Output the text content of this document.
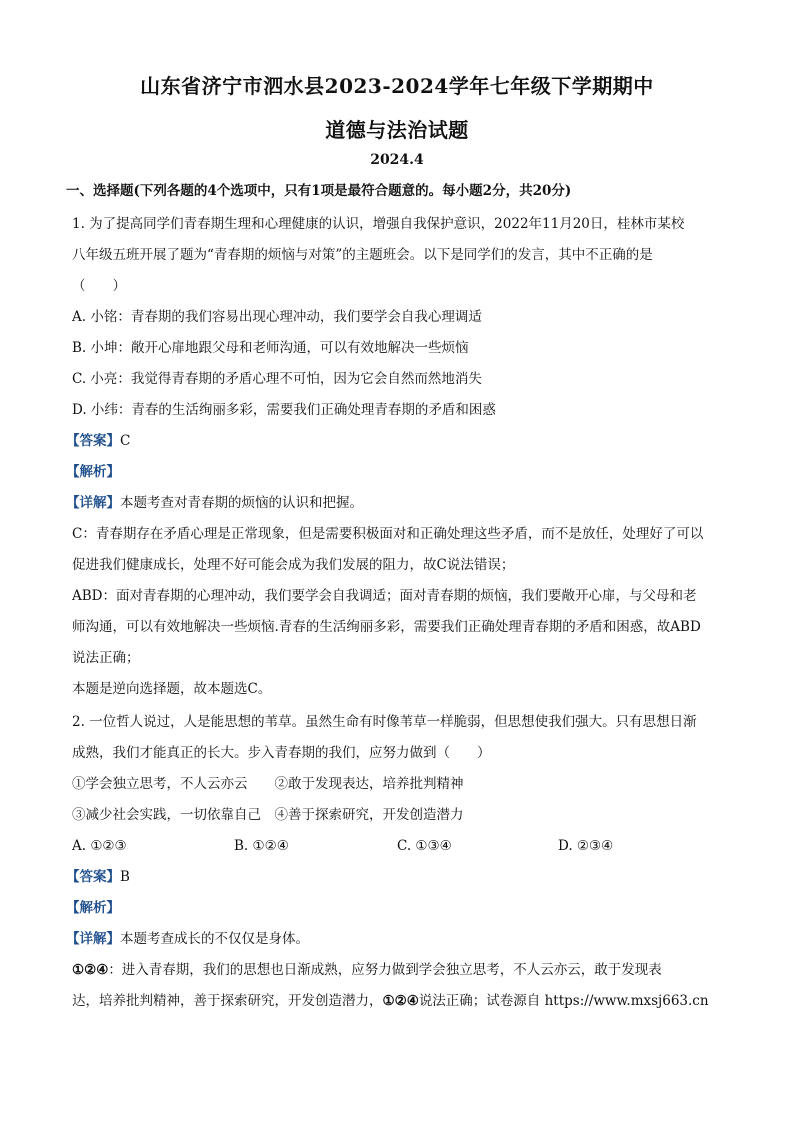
山东省济宁市泗水县2023-2024学年七年级下学期期中
道德与法治试题
2024.4
一、选择题(下列各题的4个选项中，只有1项是最符合题意的。每小题2分，共20分)
1. 为了提高同学们青春期生理和心理健康的认识，增强自我保护意识，2022年11月20日，桂林市某校
八年级五班开展了题为“青春期的烦恼与对策”的主题班会。以下是同学们的发言，其中不正确的是
（　　）
A. 小铭：青春期的我们容易出现心理冲动，我们要学会自我心理调适
B. 小坤：敞开心扉地跟父母和老师沟通，可以有效地解决一些烦恼
C. 小亮：我觉得青春期的矛盾心理不可怕，因为它会自然而然地消失
D. 小纬：青春的生活绚丽多彩，需要我们正确处理青春期的矛盾和困惑
【答案】C
【解析】
【详解】本题考查对青春期的烦恼的认识和把握。
C：青春期存在矛盾心理是正常现象，但是需要积极面对和正确处理这些矛盾，而不是放任，处理好了可以
促进我们健康成长，处理不好可能会成为我们发展的阻力，故C说法错误；
ABD：面对青春期的心理冲动，我们要学会自我调适；面对青春期的烦恼，我们要敞开心扉，与父母和老
师沟通，可以有效地解决一些烦恼.青春的生活绚丽多彩，需要我们正确处理青春期的矛盾和困惑，故ABD
说法正确；
本题是逆向选择题，故本题选C。
2. 一位哲人说过，人是能思想的苇草。虽然生命有时像苇草一样脆弱，但思想使我们强大。只有思想日渐
成熟，我们才能真正的长大。步入青春期的我们，应努力做到（　　）
①学会独立思考，不人云亦云　　②敢于发现表达，培养批判精神
③减少社会实践，一切依靠自己　④善于探索研究，开发创造潜力
A. ①②③	B. ①②④	C. ①③④	D. ②③④
【答案】B
【解析】
【详解】本题考查成长的不仅仅是身体。
①②④：进入青春期，我们的思想也日渐成熟，应努力做到学会独立思考，不人云亦云，敢于发现表
达，培养批判精神，善于探索研究，开发创造潜力，①②④说法正确；试卷源自 https://www.mxsj663.cn
